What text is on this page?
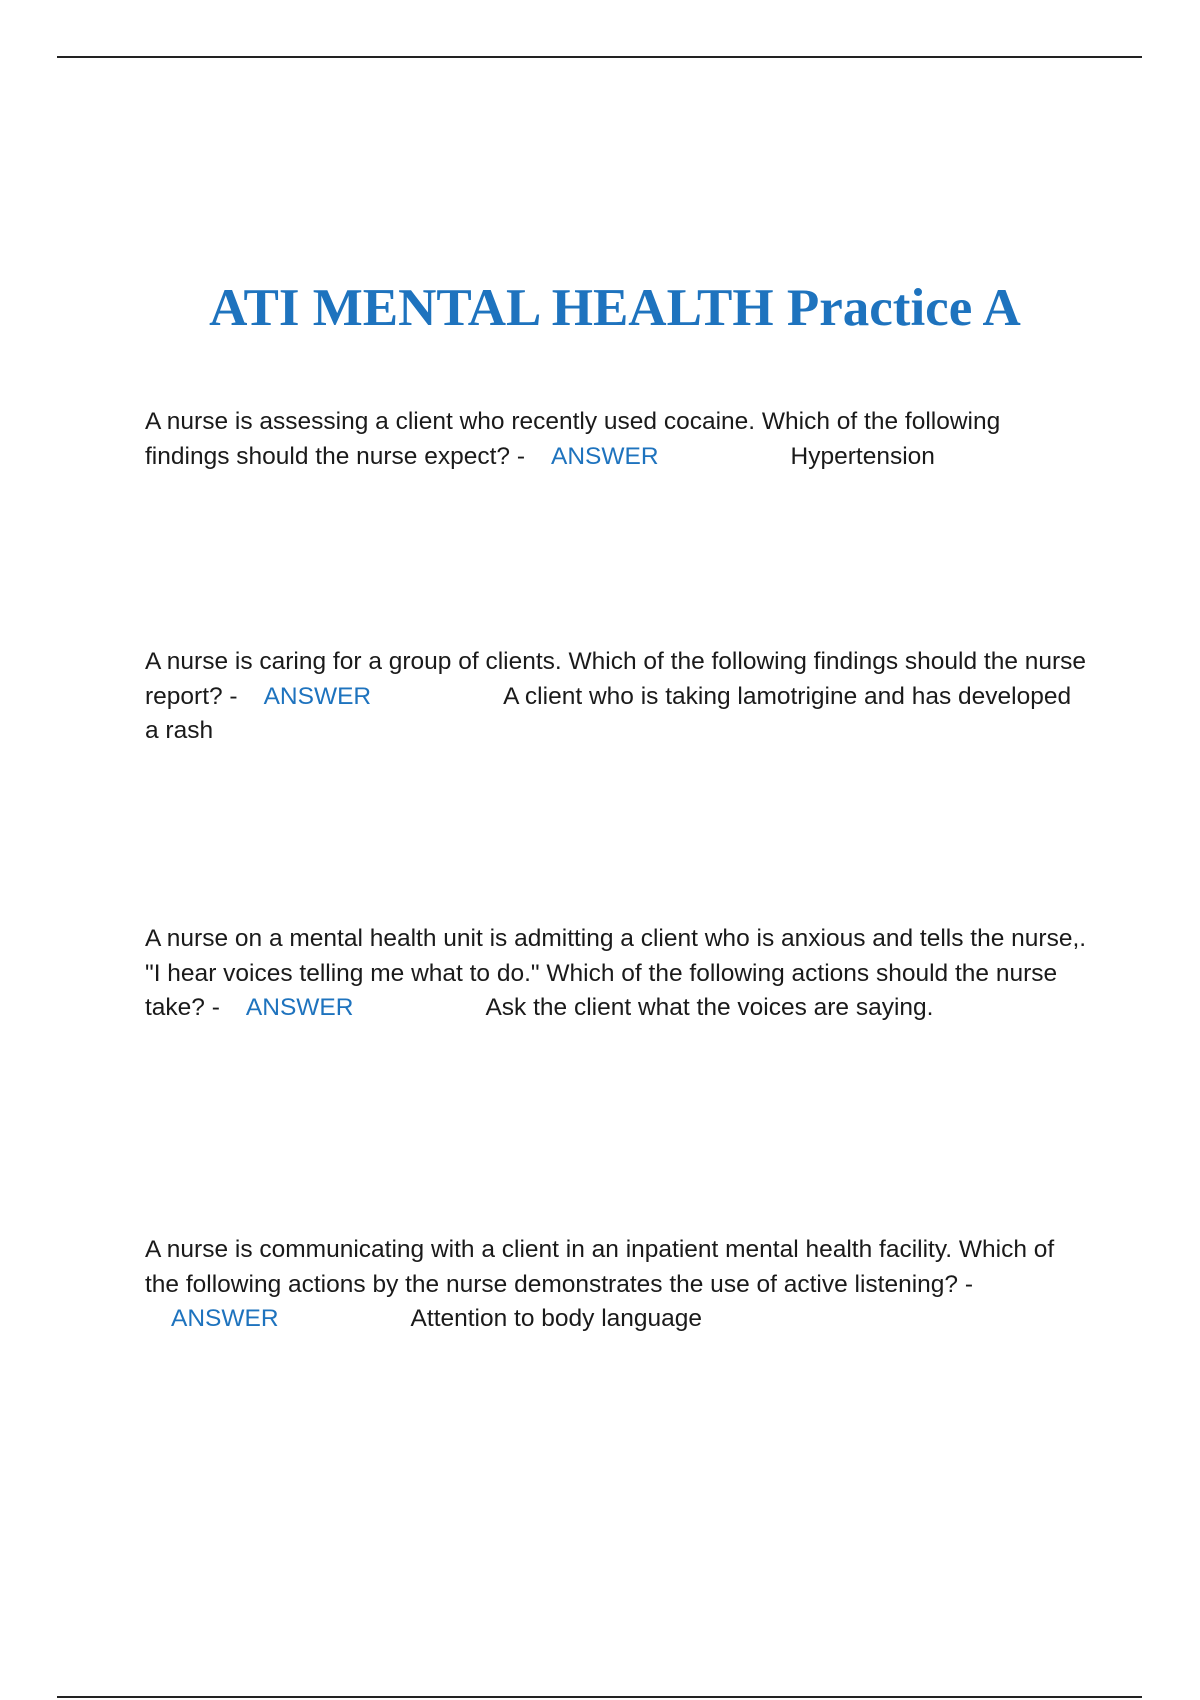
ATI MENTAL HEALTH Practice A

A nurse is assessing a client who recently used cocaine. Which of the following findings should the nurse expect? - ANSWER	Hypertension

A nurse is caring for a group of clients. Which of the following findings should the nurse report? - ANSWER	A client who is taking lamotrigine and has developed a rash

A nurse on a mental health unit is admitting a client who is anxious and tells the nurse,. "I hear voices telling me what to do." Which of the following actions should the nurse take? - ANSWER	Ask the client what the voices are saying.

A nurse is communicating with a client in an inpatient mental health facility. Which of the following actions by the nurse demonstrates the use of active listening? -ANSWER	Attention to body language
